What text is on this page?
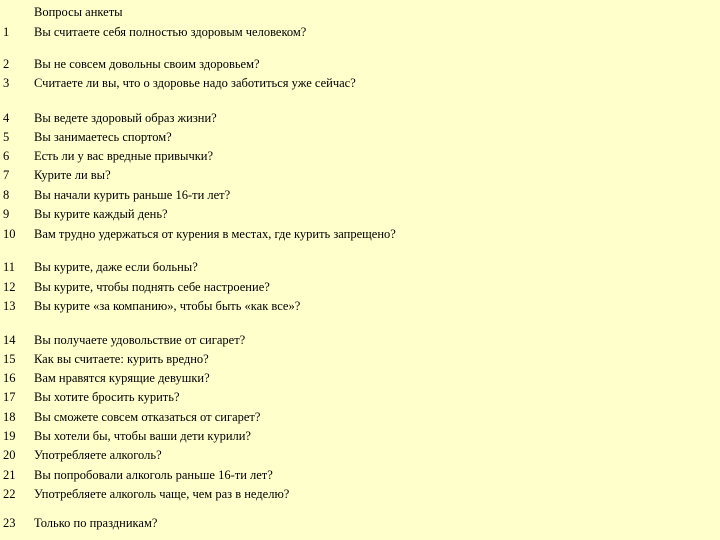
Вопросы анкеты
1 Вы считаете себя полностью здоровым человеком?
2 Вы не совсем довольны своим здоровьем?
3 Считаете ли вы, что о здоровье надо заботиться уже сейчас?
4 Вы ведете здоровый образ жизни?
5 Вы занимаетесь спортом?
6 Есть ли у вас вредные привычки?
7 Курите ли вы?
8 Вы начали курить раньше 16-ти лет?
9 Вы курите каждый день?
10 Вам трудно удержаться от курения в местах, где курить запрещено?
11 Вы курите, даже если больны?
12 Вы курите, чтобы поднять себе настроение?
13 Вы курите «за компанию», чтобы быть «как все»?
14 Вы получаете удовольствие от сигарет?
15 Как вы считаете: курить вредно?
16 Вам нравятся курящие девушки?
17 Вы хотите бросить курить?
18 Вы сможете совсем отказаться от сигарет?
19 Вы хотели бы, чтобы ваши дети курили?
20 Употребляете алкоголь?
21 Вы попробовали алкоголь раньше 16-ти лет?
22 Употребляете алкоголь чаще, чем раз в неделю?
23 Только по праздникам?
